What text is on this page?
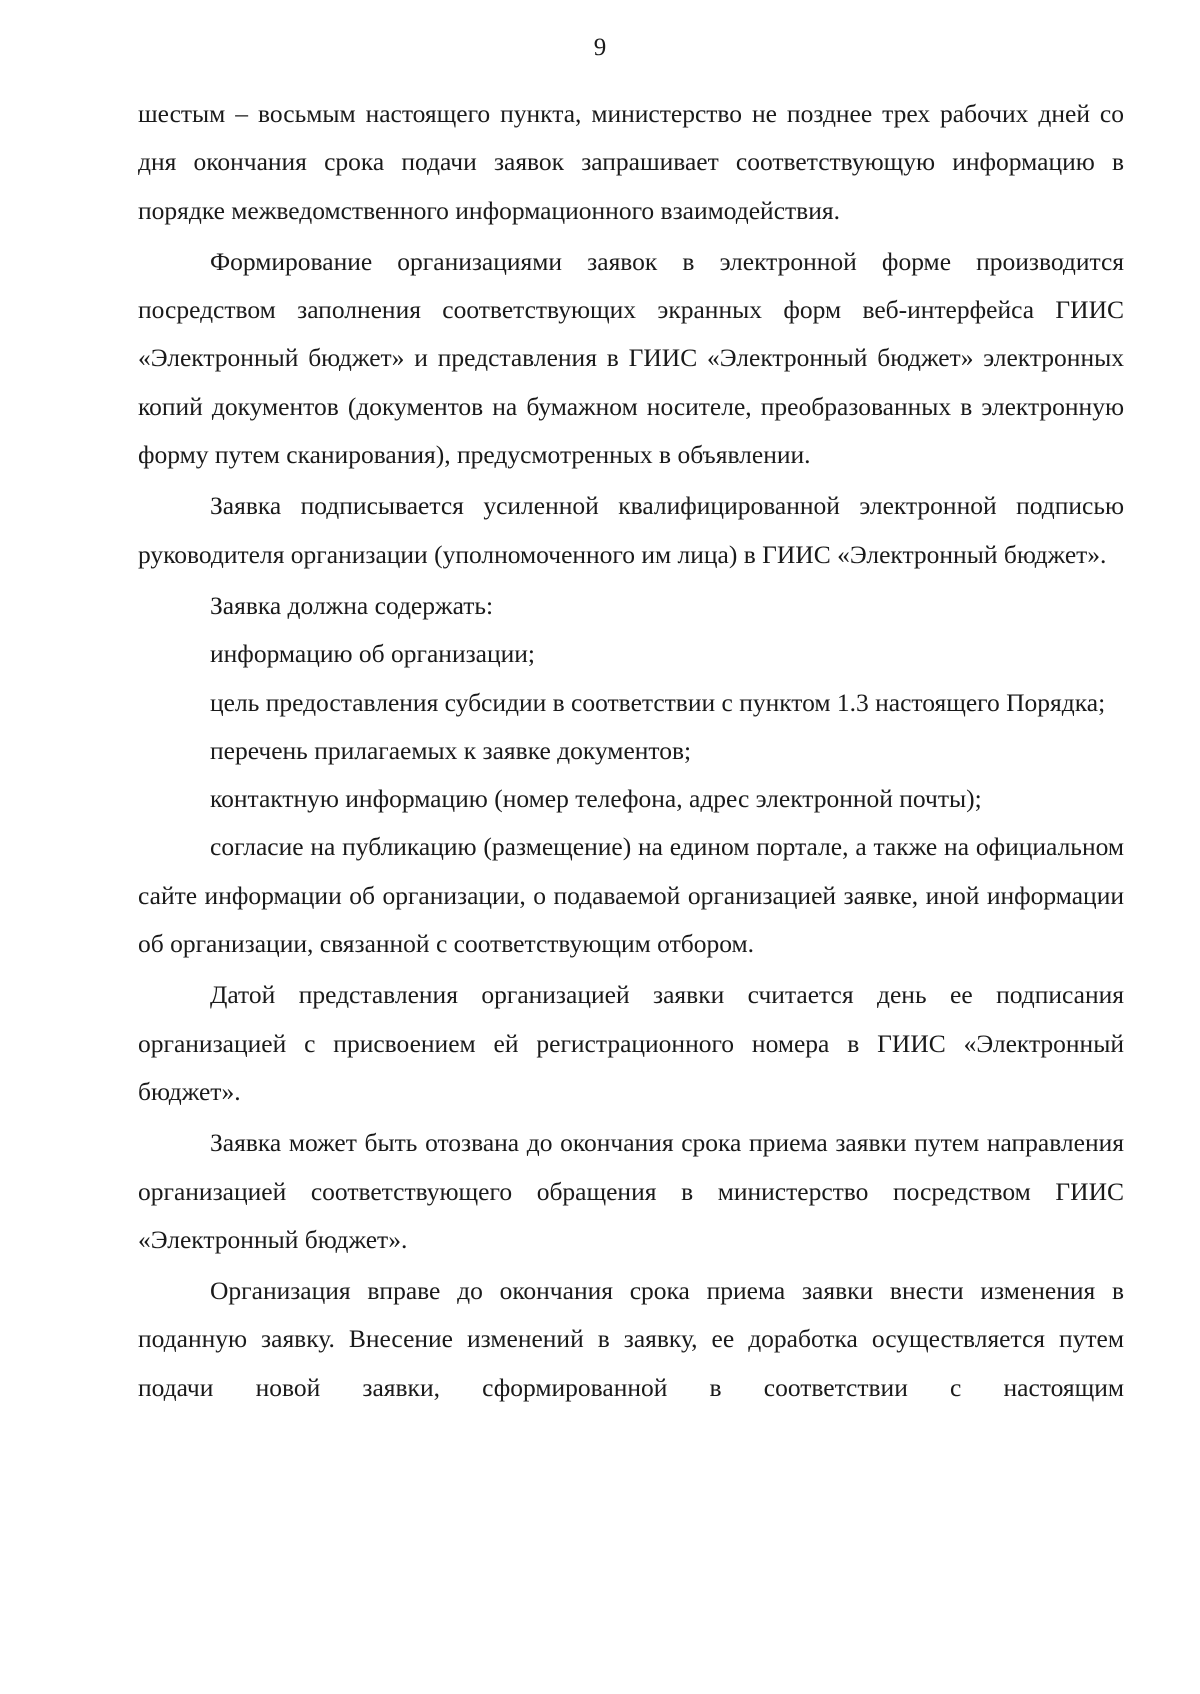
9

шестым – восьмым настоящего пункта, министерство не позднее трех рабочих дней со дня окончания срока подачи заявок запрашивает соответствующую информацию в порядке межведомственного информационного взаимодействия.

Формирование организациями заявок в электронной форме производится посредством заполнения соответствующих экранных форм веб-интерфейса ГИИС «Электронный бюджет» и представления в ГИИС «Электронный бюджет» электронных копий документов (документов на бумажном носителе, преобразованных в электронную форму путем сканирования), предусмотренных в объявлении.

Заявка подписывается усиленной квалифицированной электронной подписью руководителя организации (уполномоченного им лица) в ГИИС «Электронный бюджет».

Заявка должна содержать:

информацию об организации;

цель предоставления субсидии в соответствии с пунктом 1.3 настоящего Порядка;

перечень прилагаемых к заявке документов;

контактную информацию (номер телефона, адрес электронной почты);

согласие на публикацию (размещение) на едином портале, а также на официальном сайте информации об организации, о подаваемой организацией заявке, иной информации об организации, связанной с соответствующим отбором.

Датой представления организацией заявки считается день ее подписания организацией с присвоением ей регистрационного номера в ГИИС «Электронный бюджет».

Заявка может быть отозвана до окончания срока приема заявки путем направления организацией соответствующего обращения в министерство посредством ГИИС «Электронный бюджет».

Организация вправе до окончания срока приема заявки внести изменения в поданную заявку. Внесение изменений в заявку, ее доработка осуществляется путем подачи новой заявки, сформированной в соответствии с настоящим
